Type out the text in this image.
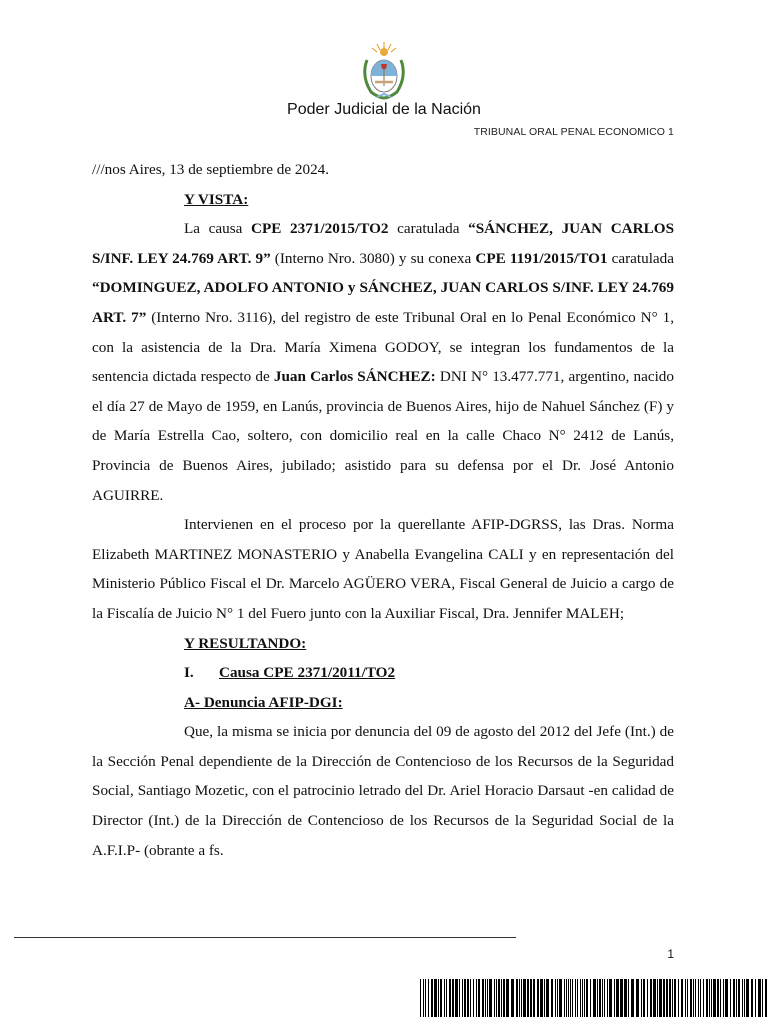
Poder Judicial de la Nación
TRIBUNAL ORAL PENAL ECONOMICO 1

///nos Aires, 13 de septiembre de 2024.

Y VISTA:

La causa CPE 2371/2015/TO2 caratulada “SÁNCHEZ, JUAN CARLOS S/INF. LEY 24.769 ART. 9” (Interno Nro. 3080) y su conexa CPE 1191/2015/TO1 caratulada “DOMINGUEZ, ADOLFO ANTONIO y SÁNCHEZ, JUAN CARLOS S/INF. LEY 24.769 ART. 7” (Interno Nro. 3116), del registro de este Tribunal Oral en lo Penal Económico N° 1, con la asistencia de la Dra. María Ximena GODOY, se integran los fundamentos de la sentencia dictada respecto de Juan Carlos SÁNCHEZ: DNI N° 13.477.771, argentino, nacido el día 27 de Mayo de 1959, en Lanús, provincia de Buenos Aires, hijo de Nahuel Sánchez (F) y de María Estrella Cao, soltero, con domicilio real en la calle Chaco N° 2412 de Lanús, Provincia de Buenos Aires, jubilado; asistido para su defensa por el Dr. José Antonio AGUIRRE.

Intervienen en el proceso por la querellante AFIP-DGRSS, las Dras. Norma Elizabeth MARTINEZ MONASTERIO y Anabella Evangelina CALI y en representación del Ministerio Público Fiscal el Dr. Marcelo AGÜERO VERA, Fiscal General de Juicio a cargo de la Fiscalía de Juicio N° 1 del Fuero junto con la Auxiliar Fiscal, Dra. Jennifer MALEH;

Y RESULTANDO:

I. Causa CPE 2371/2011/TO2

A- Denuncia AFIP-DGI:

Que, la misma se inicia por denuncia del 09 de agosto del 2012 del Jefe (Int.) de la Sección Penal dependiente de la Dirección de Contencioso de los Recursos de la Seguridad Social, Santiago Mozetic, con el patrocinio letrado del Dr. Ariel Horacio Darsaut -en calidad de Director (Int.) de la Dirección de Contencioso de los Recursos de la Seguridad Social de la A.F.I.P- (obrante a fs.

1
